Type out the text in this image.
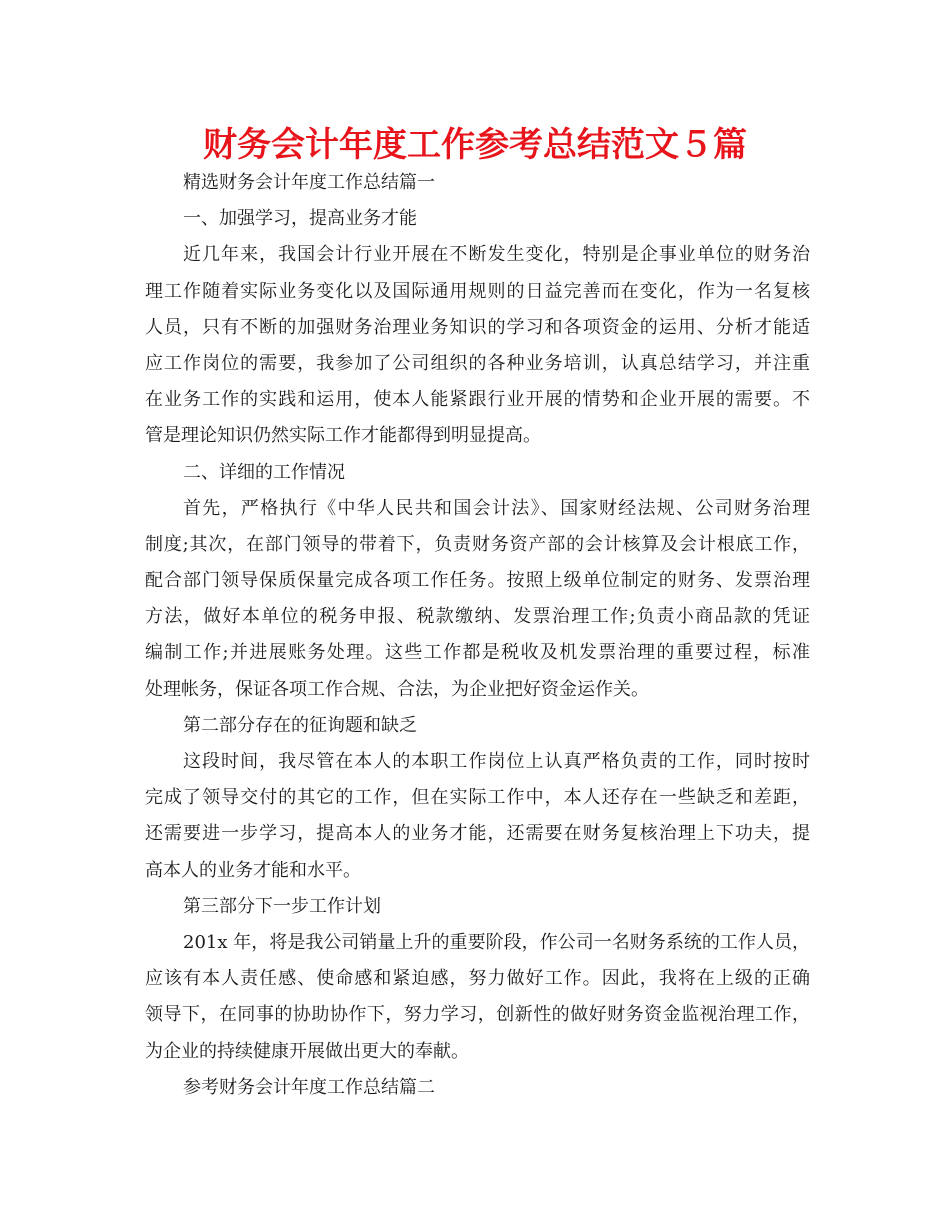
财务会计年度工作参考总结范文５篇
精选财务会计年度工作总结篇一
一、加强学习，提高业务才能
近几年来，我国会计行业开展在不断发生变化，特别是企事业单位的财务治
理工作随着实际业务变化以及国际通用规则的日益完善而在变化，作为一名复核
人员，只有不断的加强财务治理业务知识的学习和各项资金的运用、分析才能适
应工作岗位的需要，我参加了公司组织的各种业务培训，认真总结学习，并注重
在业务工作的实践和运用，使本人能紧跟行业开展的情势和企业开展的需要。不
管是理论知识仍然实际工作才能都得到明显提高。
二、详细的工作情况
首先，严格执行《中华人民共和国会计法》、国家财经法规、公司财务治理
制度;其次，在部门领导的带着下，负责财务资产部的会计核算及会计根底工作，
配合部门领导保质保量完成各项工作任务。按照上级单位制定的财务、发票治理
方法，做好本单位的税务申报、税款缴纳、发票治理工作;负责小商品款的凭证
编制工作;并进展账务处理。这些工作都是税收及机发票治理的重要过程，标准
处理帐务，保证各项工作合规、合法，为企业把好资金运作关。
第二部分存在的征询题和缺乏
这段时间，我尽管在本人的本职工作岗位上认真严格负责的工作，同时按时
完成了领导交付的其它的工作，但在实际工作中，本人还存在一些缺乏和差距，
还需要进一步学习，提高本人的业务才能，还需要在财务复核治理上下功夫，提
高本人的业务才能和水平。
第三部分下一步工作计划
201x 年，将是我公司销量上升的重要阶段，作公司一名财务系统的工作人员，
应该有本人责任感、使命感和紧迫感，努力做好工作。因此，我将在上级的正确
领导下，在同事的协助协作下，努力学习，创新性的做好财务资金监视治理工作，
为企业的持续健康开展做出更大的奉献。
参考财务会计年度工作总结篇二
